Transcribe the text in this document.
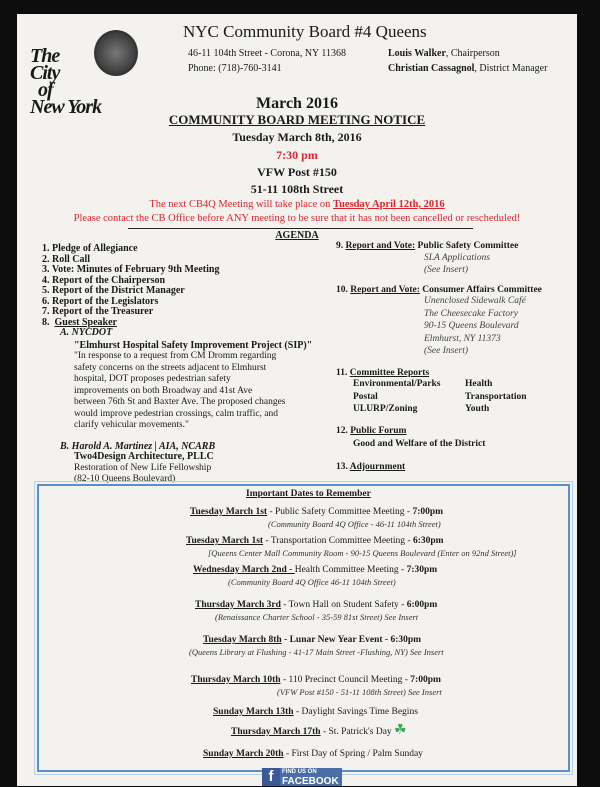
The
City
of
New York
NYC Community Board #4 Queens
46-11 104th Street - Corona, NY 11368
Phone: (718)-760-3141
Louis Walker, Chairperson
Christian Cassagnol, District Manager
March 2016
COMMUNITY BOARD MEETING NOTICE
Tuesday March 8th, 2016
7:30 pm
VFW Post #150
51-11 108th Street
The next CB4Q Meeting will take place on Tuesday April 12th, 2016
Please contact the CB Office before ANY meeting to be sure that it has not been cancelled or rescheduled!
AGENDA
1. Pledge of Allegiance
2. Roll Call
3. Vote: Minutes of February 9th Meeting
4. Report of the Chairperson
5. Report of the District Manager
6. Report of the Legislators
7. Report of the Treasurer
8. Guest Speaker
A. NYCDOT
"Elmhurst Hospital Safety Improvement Project (SIP)"
"In response to a request from CM Dromm regarding
safety concerns on the streets adjacent to Elmhurst
hospital, DOT proposes pedestrian safety
improvements on both Broadway and 41st Ave
between 76th St and Baxter Ave. The proposed changes
would improve pedestrian crossings, calm traffic, and
clarify vehicular movements."
B. Harold A. Martinez | AIA, NCARB
Two4Design Architecture, PLLC
Restoration of New Life Fellowship
(82-10 Queens Boulevard)
9. Report and Vote: Public Safety Committee
SLA Applications
(See Insert)
10. Report and Vote: Consumer Affairs Committee
Unenclosed Sidewalk Café
The Cheesecake Factory
90-15 Queens Boulevard
Elmhurst, NY 11373
(See Insert)
11. Committee Reports
Environmental/Parks	Health
Postal	Transportation
ULURP/Zoning	Youth
12. Public Forum
Good and Welfare of the District
13. Adjournment
Important Dates to Remember
Tuesday March 1st - Public Safety Committee Meeting - 7:00pm
(Community Board 4Q Office - 46-11 104th Street)
Tuesday March 1st - Transportation Committee Meeting - 6:30pm
[Queens Center Mall Community Room - 90-15 Queens Boulevard (Enter on 92nd Street)]
Wednesday March 2nd - Health Committee Meeting - 7:30pm
(Community Board 4Q Office 46-11 104th Street)
Thursday March 3rd - Town Hall on Student Safety - 6:00pm
(Renaissance Charter School - 35-59 81st Street) See Insert
Tuesday March 8th - Lunar New Year Event - 6:30pm
(Queens Library at Flushing - 41-17 Main Street -Flushing, NY) See Insert
Thursday March 10th - 110 Precinct Council Meeting - 7:00pm
(VFW Post #150 - 51-11 108th Street) See Insert
Sunday March 13th - Daylight Savings Time Begins
Thursday March 17th - St. Patrick's Day ☘
Sunday March 20th - First Day of Spring / Palm Sunday
f	FIND US ON
FACEBOOK
